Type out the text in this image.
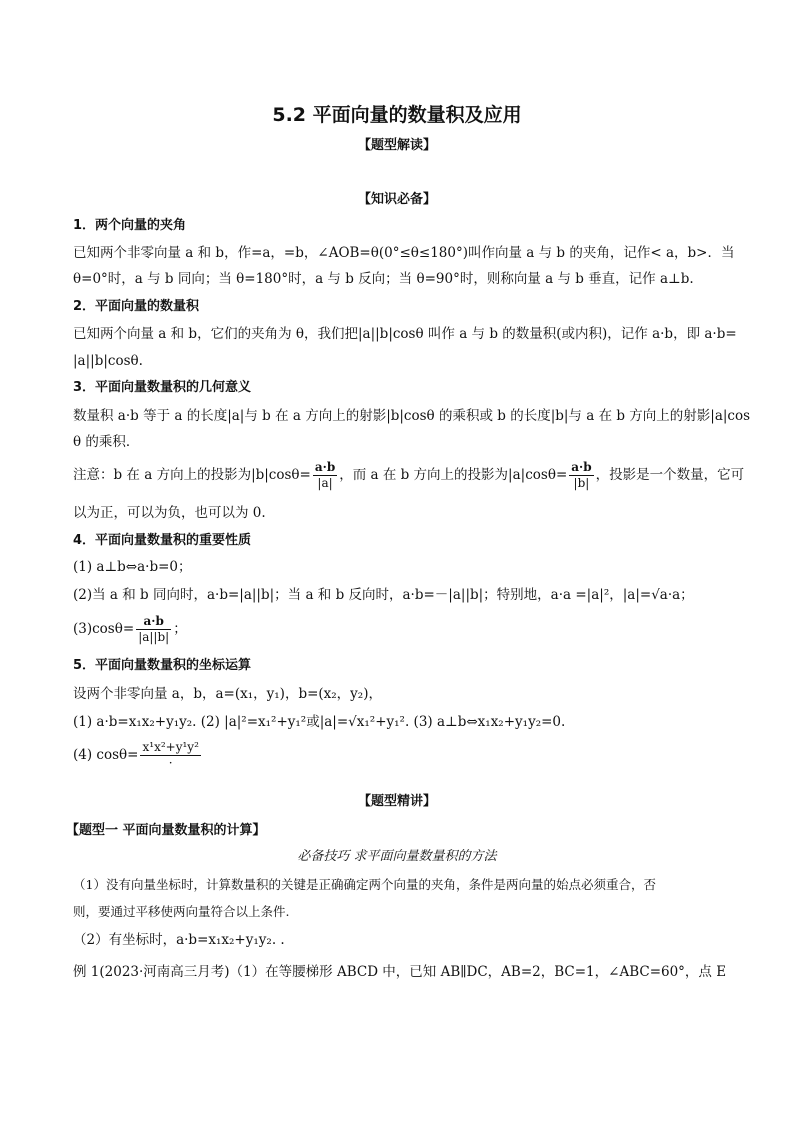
5.2 平面向量的数量积及应用
【题型解读】
【知识必备】
1．两个向量的夹角
已知两个非零向量 a 和 b，作=a，=b，∠AOB=θ(0°≤θ≤180°)叫作向量 a 与 b 的夹角，记作< a，b>．当
θ=0°时，a 与 b 同向；当 θ=180°时，a 与 b 反向；当 θ=90°时，则称向量 a 与 b 垂直，记作 a⊥b.
2．平面向量的数量积
已知两个向量 a 和 b，它们的夹角为 θ，我们把|a||b|cosθ 叫作 a 与 b 的数量积(或内积)，记作 a·b，即 a·b=
|a||b|cosθ.
3．平面向量数量积的几何意义
数量积 a·b 等于 a 的长度|a|与 b 在 a 方向上的射影|b|cosθ 的乘积或 b 的长度|b|与 a 在 b 方向上的射影|a|cos
θ 的乘积．
注意：b 在 a 方向上的投影为$|b|\cos\theta= \frac{a\cdot b}{|a|}$ ，而 a 在 b 方向上的投影为$|a|\cos\theta= \frac{a\cdot b}{|b|}$ ，投影是一个数量，它可
以为正，可以为负，也可以为 0.
4．平面向量数量积的重要性质
(1) a⊥b⇔a·b=0；
(2)当 a 和 b 同向时，a·b=|a||b|；当 a 和 b 反向时，a·b=－|a||b|；特别地，a·a =|a|²，|a|=√a·a；
$(3)\cos\theta= \frac{a\cdot b}{|a||b|}$ ；
5．平面向量数量积的坐标运算
设两个非零向量 a，b，a=(x₁，y₁)，b=(x₂，y₂)，
(1) a·b=x₁x₂+y₁y₂. (2) |a|²=x₁²+y₁²或|a|=√x₁²+y₁². (3) a⊥b⇔x₁x₂+y₁y₂=0.
(4) $\cos\theta= \frac{\text{x¹x²+y¹y²}}{\cdot}$
【题型精讲】
【题型一 平面向量数量积的计算】
必备技巧 求平面向量数量积的方法
（1）没有向量坐标时，计算数量积的关键是正确确定两个向量的夹角，条件是两向量的始点必须重合，否
则，要通过平移使两向量符合以上条件.
（2）有坐标时，a·b=x₁x₂+y₁y₂. .
例 1(2023·河南高三月考)（1）在等腰梯形 ABCD 中，已知 AB∥DC，AB=2，BC=1，∠ABC=60°，点 E
